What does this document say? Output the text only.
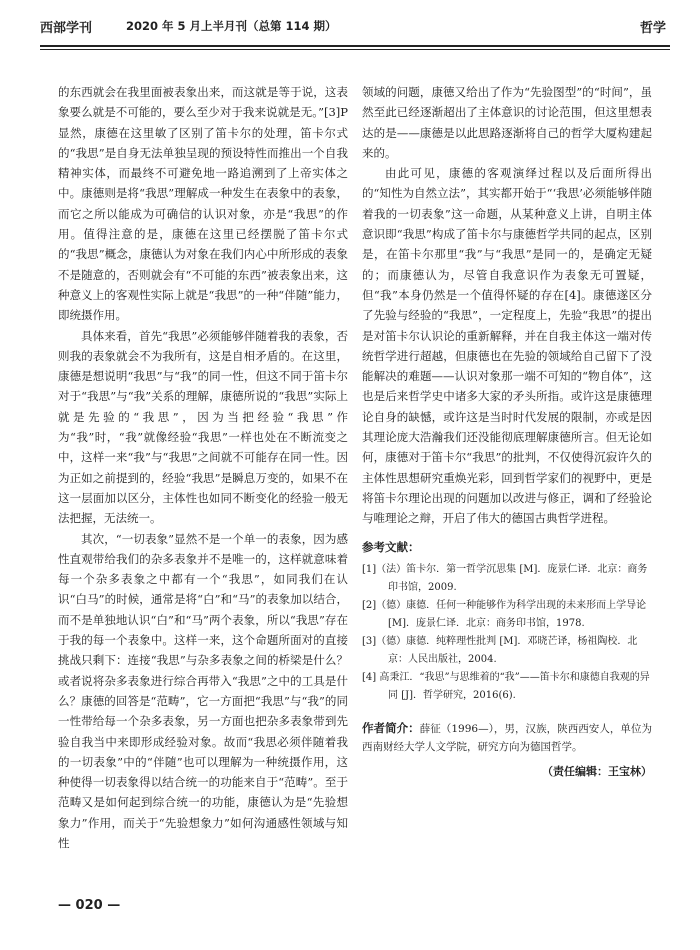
西部学刊	2020 年 5 月上半月刊（总第 114 期）	哲学

的东西就会在我里面被表象出来，而这就是等于说，这表象要么就是不可能的，要么至少对于我来说就是无。”[3]P显然，康德在这里敏了区别了笛卡尔的处理，笛卡尔式的“我思”是自身无法单独呈现的预设特性而推出一个自我精神实体，而最终不可避免地一路追溯到了上帝实体之中。康德则是将“我思”理解成一种发生在表象中的表象，而它之所以能成为可确信的认识对象，亦是“我思”的作用。值得注意的是，康德在这里已经摆脱了笛卡尔式的“我思”概念，康德认为对象在我们内心中所形成的表象不是随意的，否则就会有“不可能的东西”被表象出来，这种意义上的客观性实际上就是“我思”的一种“伴随”能力，即统摄作用。

具体来看，首先“我思”必须能够伴随着我的表象，否则我的表象就会不为我所有，这是自相矛盾的。在这里，康德是想说明“我思”与“我”的同一性，但这不同于笛卡尔对于“我思”与“我”关系的理解，康德所说的“我思”实际上就是先验的“我思”，因为当把经验“我思”作为“我”时，“我”就像经验“我思”一样也处在不断流变之中，这样一来“我”与“我思”之间就不可能存在同一性。因为正如之前提到的，经验“我思”是瞬息万变的，如果不在这一层面加以区分，主体性也如同不断变化的经验一般无法把握，无法统一。

其次，“一切表象”显然不是一个单一的表象，因为感性直观带给我们的杂多表象并不是唯一的，这样就意味着每一个杂多表象之中都有一个“我思”，如同我们在认识“白马”的时候，通常是将“白”和“马”的表象加以结合，而不是单独地认识“白”和“马”两个表象，所以“我思”存在于我的每一个表象中。这样一来，这个命题所面对的直接挑战只剩下：连接“我思”与杂多表象之间的桥梁是什么？或者说将杂多表象进行综合再带入“我思”之中的工具是什么？康德的回答是“范畴”，它一方面把“我思”与“我”的同一性带给每一个杂多表象，另一方面也把杂多表象带到先验自我当中来即形成经验对象。故而“我思必须伴随着我的一切表象”中的“伴随”也可以理解为一种统摄作用，这种使得一切表象得以结合统一的功能来自于“范畴”。至于范畴又是如何起到综合统一的功能，康德认为是“先验想象力”作用，而关于“先验想象力”如何沟通感性领域与知性

领域的问题，康德又给出了作为“先验图型”的“时间”，虽然至此已经逐渐超出了主体意识的讨论范围，但这里想表达的是——康德是以此思路逐渐将自己的哲学大厦构建起来的。

由此可见，康德的客观演绎过程以及后面所得出的“知性为自然立法”，其实都开始于“‘我思’必须能够伴随着我的一切表象”这一命题，从某种意义上讲，自明主体意识即“我思”构成了笛卡尔与康德哲学共同的起点，区别是，在笛卡尔那里“我”与“我思”是同一的，是确定无疑的；而康德认为，尽管自我意识作为表象无可置疑，但“我”本身仍然是一个值得怀疑的存在[4]。康德遂区分了先验与经验的“我思”，一定程度上，先验“我思”的提出是对笛卡尔认识论的重新解释，并在自我主体这一端对传统哲学进行超越，但康德也在先验的领域给自己留下了没能解决的难题——认识对象那一端不可知的“物自体”，这也是后来哲学史中诸多大家的矛头所指。或许这是康德理论自身的缺憾，或许这是当时时代发展的限制，亦或是因其理论庞大浩瀚我们还没能彻底理解康德所言。但无论如何，康德对于笛卡尔“我思”的批判，不仅使得沉寂许久的主体性思想研究重焕光彩，回到哲学家们的视野中，更是将笛卡尔理论出现的问题加以改进与修正，调和了经验论与唯理论之辩，开启了伟大的德国古典哲学进程。

参考文献：

[1]（法）笛卡尔．第一哲学沉思集 [M]．庞景仁译．北京：商务印书馆，2009.

[2]（德）康德．任何一种能够作为科学出现的未来形而上学导论 [M]．庞景仁译．北京：商务印书馆，1978.

[3]（德）康德．纯粹理性批判 [M]．邓晓芒译，杨祖陶校．北京：人民出版社，2004.

[4] 高秉江．“我思”与思维着的“我”——笛卡尔和康德自我观的异同 [J]．哲学研究，2016(6).

作者简介：薛征（1996—），男，汉族，陕西西安人，单位为西南财经大学人文学院，研究方向为德国哲学。
（责任编辑：王宝林）
— 020 —
